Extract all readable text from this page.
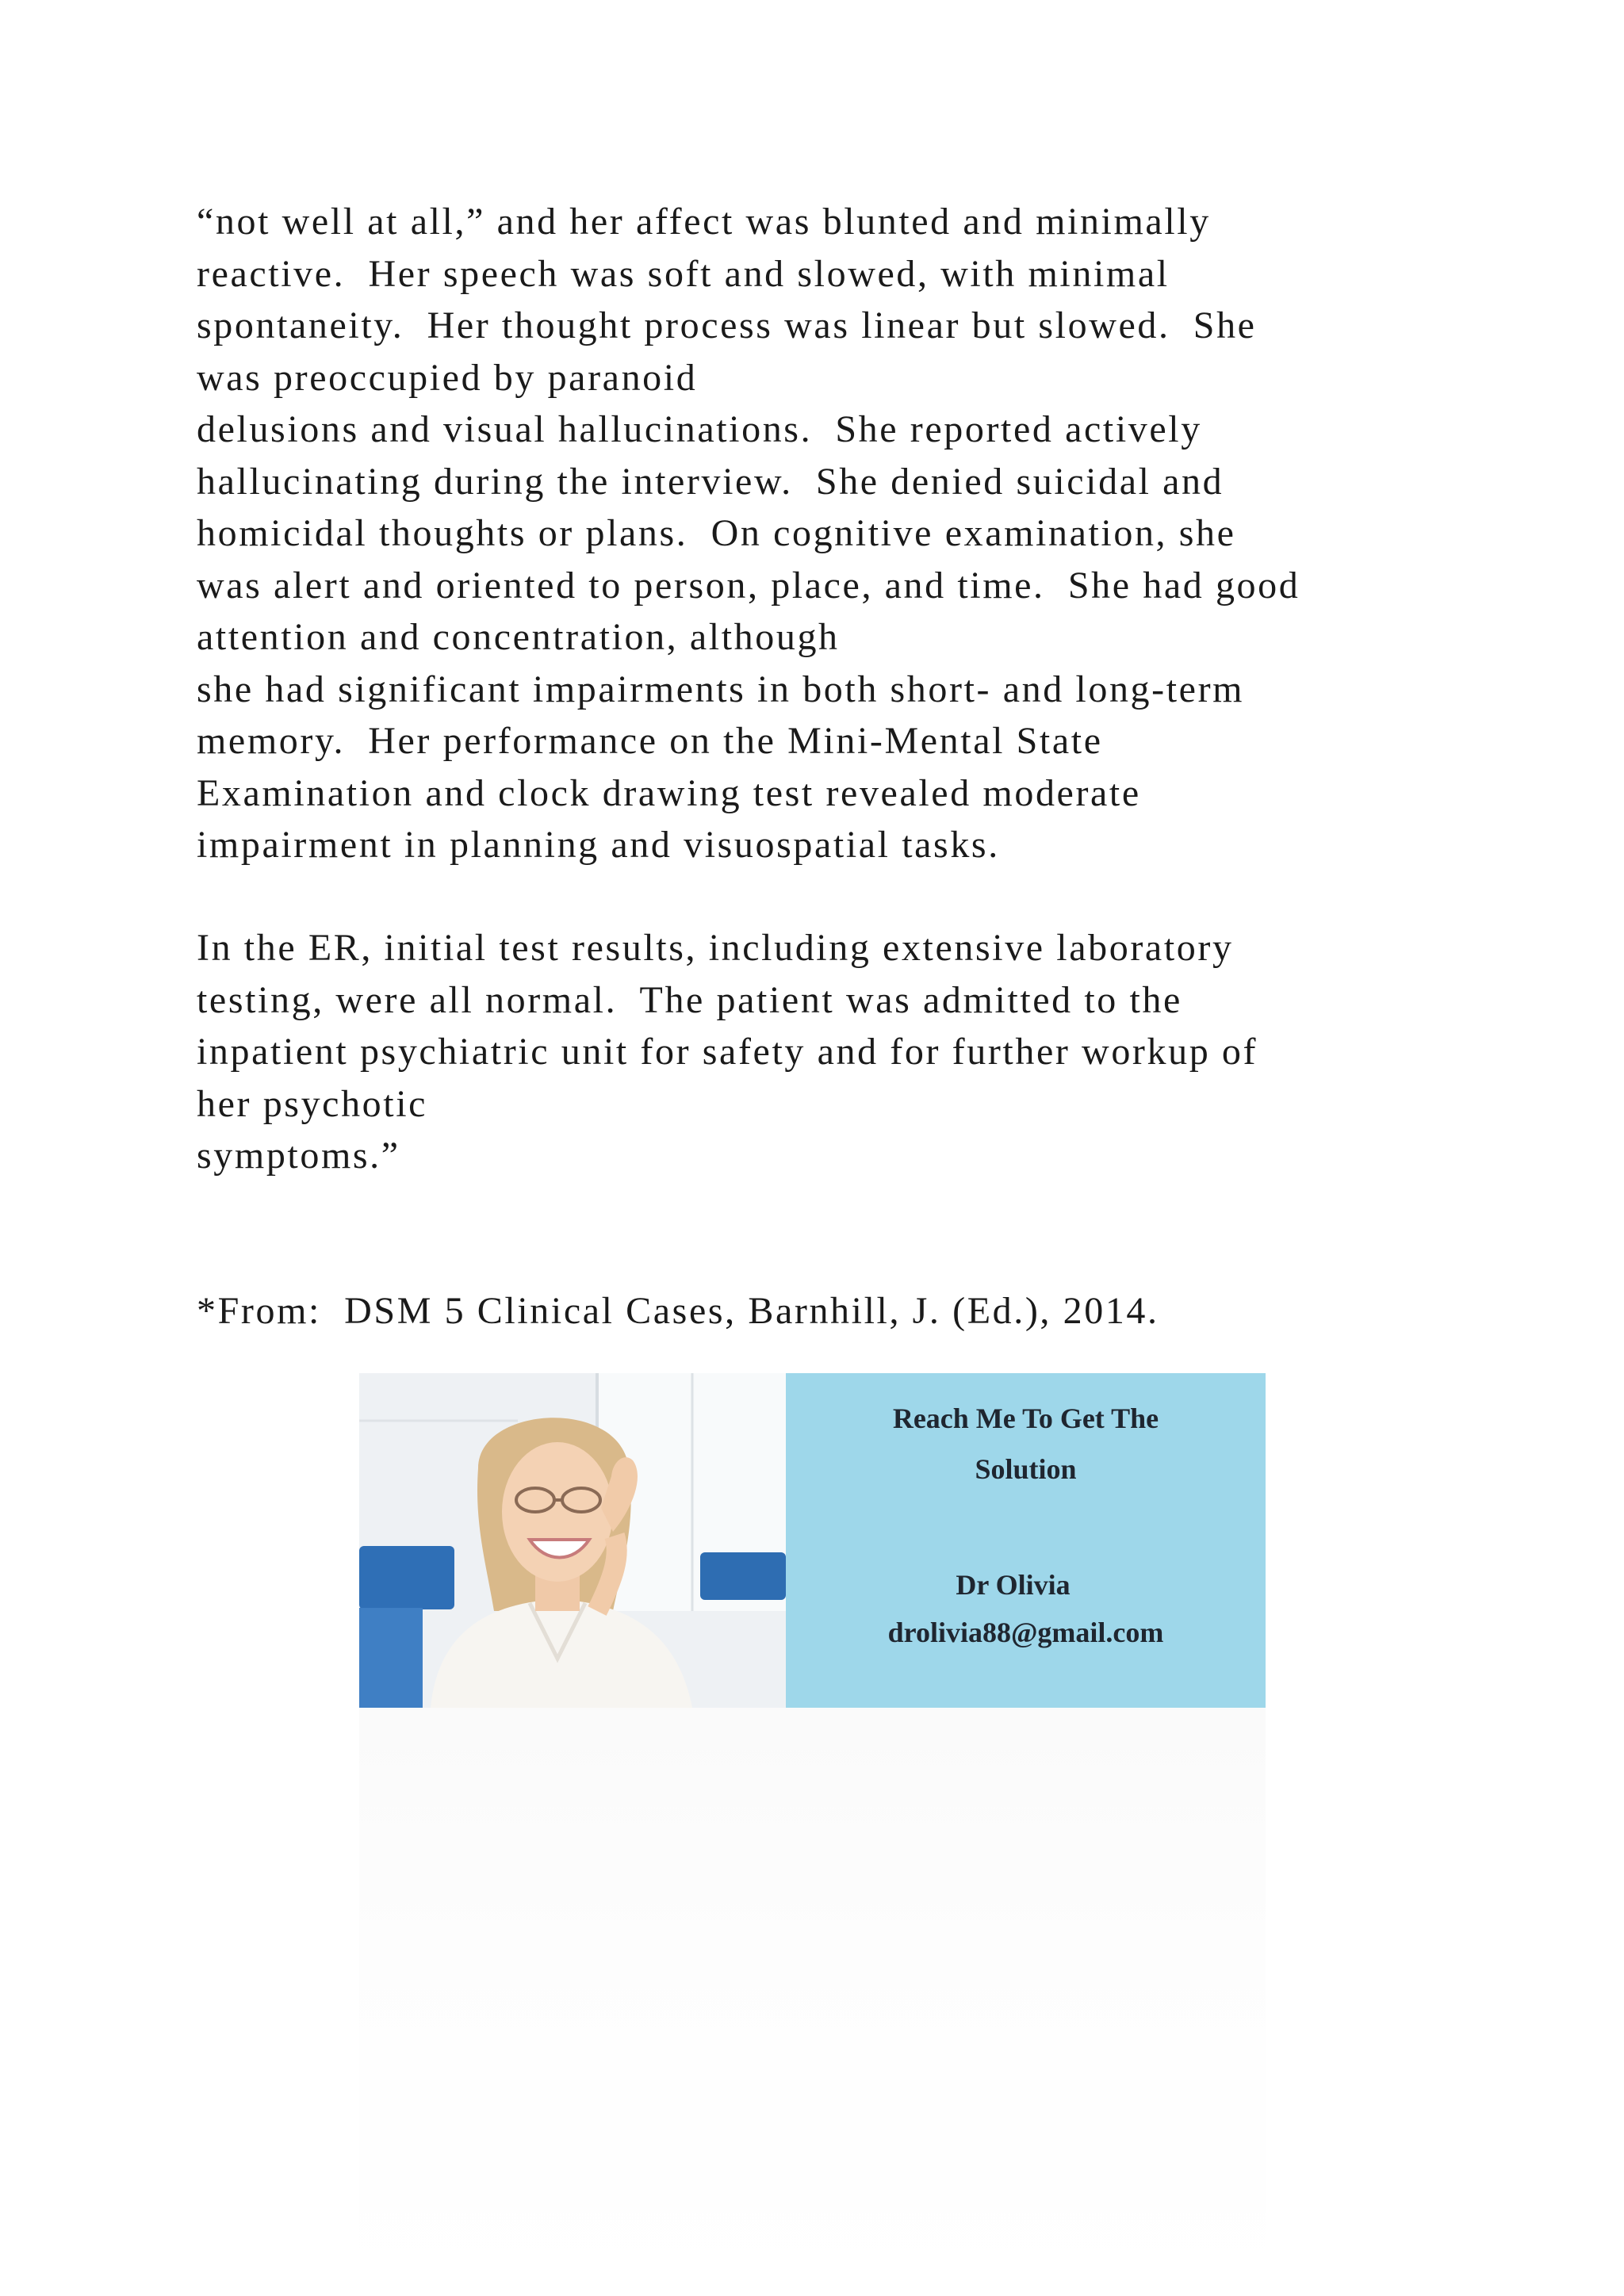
“not well at all,” and her affect was blunted and minimally
reactive.  Her speech was soft and slowed, with minimal
spontaneity.  Her thought process was linear but slowed.  She
was preoccupied by paranoid
delusions and visual hallucinations.  She reported actively
hallucinating during the interview.  She denied suicidal and
homicidal thoughts or plans.  On cognitive examination, she
was alert and oriented to person, place, and time.  She had good
attention and concentration, although
she had significant impairments in both short- and long-term
memory.  Her performance on the Mini-Mental State
Examination and clock drawing test revealed moderate
impairment in planning and visuospatial tasks.
In the ER, initial test results, including extensive laboratory
testing, were all normal.  The patient was admitted to the
inpatient psychiatric unit for safety and for further workup of
her psychotic
symptoms.”
*From:  DSM 5 Clinical Cases, Barnhill, J. (Ed.), 2014.
Reach Me To Get The
Solution
Dr Olivia
drolivia88@gmail.com
